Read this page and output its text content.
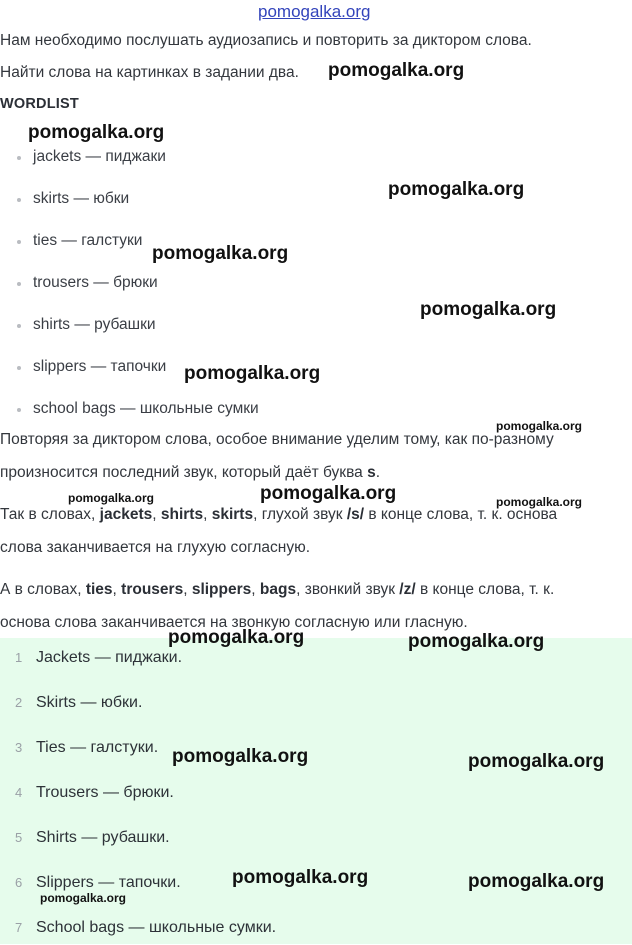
Нам необходимо послушать аудиозапись и повторить за диктором слова.
Найти слова на картинках в задании два.
WORDLIST
jackets — пиджаки
skirts — юбки
ties — галстуки
trousers — брюки
shirts — рубашки
slippers — тапочки
school bags — школьные сумки
Повторяя за диктором слова, особое внимание уделим тому, как по-разному
произносится последний звук, который даёт буква s.
Так в словах, jackets, shirts, skirts, глухой звук /s/ в конце слова, т. к. основа
слова заканчивается на глухую согласную.
А в словах, ties, trousers, slippers, bags, звонкий звук /z/ в конце слова, т. к.
основа слова заканчивается на звонкую согласную или гласную.
1 Jackets — пиджаки.
2 Skirts — юбки.
3 Ties — галстуки.
4 Trousers — брюки.
5 Shirts — рубашки.
6 Slippers — тапочки.
7 School bags — школьные сумки.
pomogalka.org
pomogalka.org
pomogalka.org
pomogalka.org
pomogalka.org
pomogalka.org
pomogalka.org
pomogalka.org
pomogalka.org	pomogalka.org	pomogalka.org
pomogalka.org	pomogalka.org
pomogalka.org	pomogalka.org
pomogalka.org	pomogalka.org
pomogalka.org
